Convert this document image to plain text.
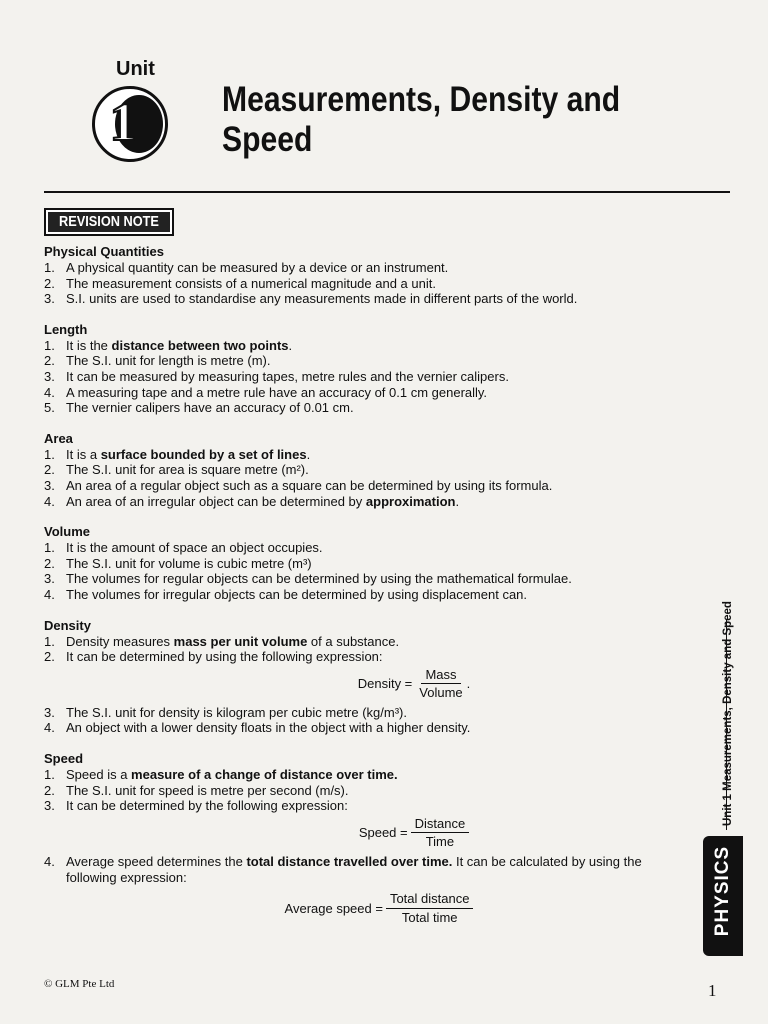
Unit
1 Measurements, Density and Speed
REVISION NOTE
Physical Quantities
1. A physical quantity can be measured by a device or an instrument.
2. The measurement consists of a numerical magnitude and a unit.
3. S.I. units are used to standardise any measurements made in different parts of the world.
Length
1. It is the distance between two points.
2. The S.I. unit for length is metre (m).
3. It can be measured by measuring tapes, metre rules and the vernier calipers.
4. A measuring tape and a metre rule have an accuracy of 0.1 cm generally.
5. The vernier calipers have an accuracy of 0.01 cm.
Area
1. It is a surface bounded by a set of lines.
2. The S.I. unit for area is square metre (m²).
3. An area of a regular object such as a square can be determined by using its formula.
4. An area of an irregular object can be determined by approximation.
Volume
1. It is the amount of space an object occupies.
2. The S.I. unit for volume is cubic metre (m³)
3. The volumes for regular objects can be determined by using the mathematical formulae.
4. The volumes for irregular objects can be determined by using displacement can.
Density
1. Density measures mass per unit volume of a substance.
2. It can be determined by using the following expression:
Density = $\frac{\text{Mass}}{\text{Volume}}$ .
3. The S.I. unit for density is kilogram per cubic metre (kg/m³).
4. An object with a lower density floats in the object with a higher density.
Speed
1. Speed is a measure of a change of distance over time.
2. The S.I. unit for speed is metre per second (m/s).
3. It can be determined by the following expression:
Speed = $\frac{\text{Distance}}{\text{Time}}$
4. Average speed determines the total distance travelled over time. It can be calculated by using the following expression:
Average speed = $\frac{\text{Total distance}}{\text{Total time}}$
Unit 1 Measurements, Density and Speed
PHYSICS
© GLM Pte Ltd	1
